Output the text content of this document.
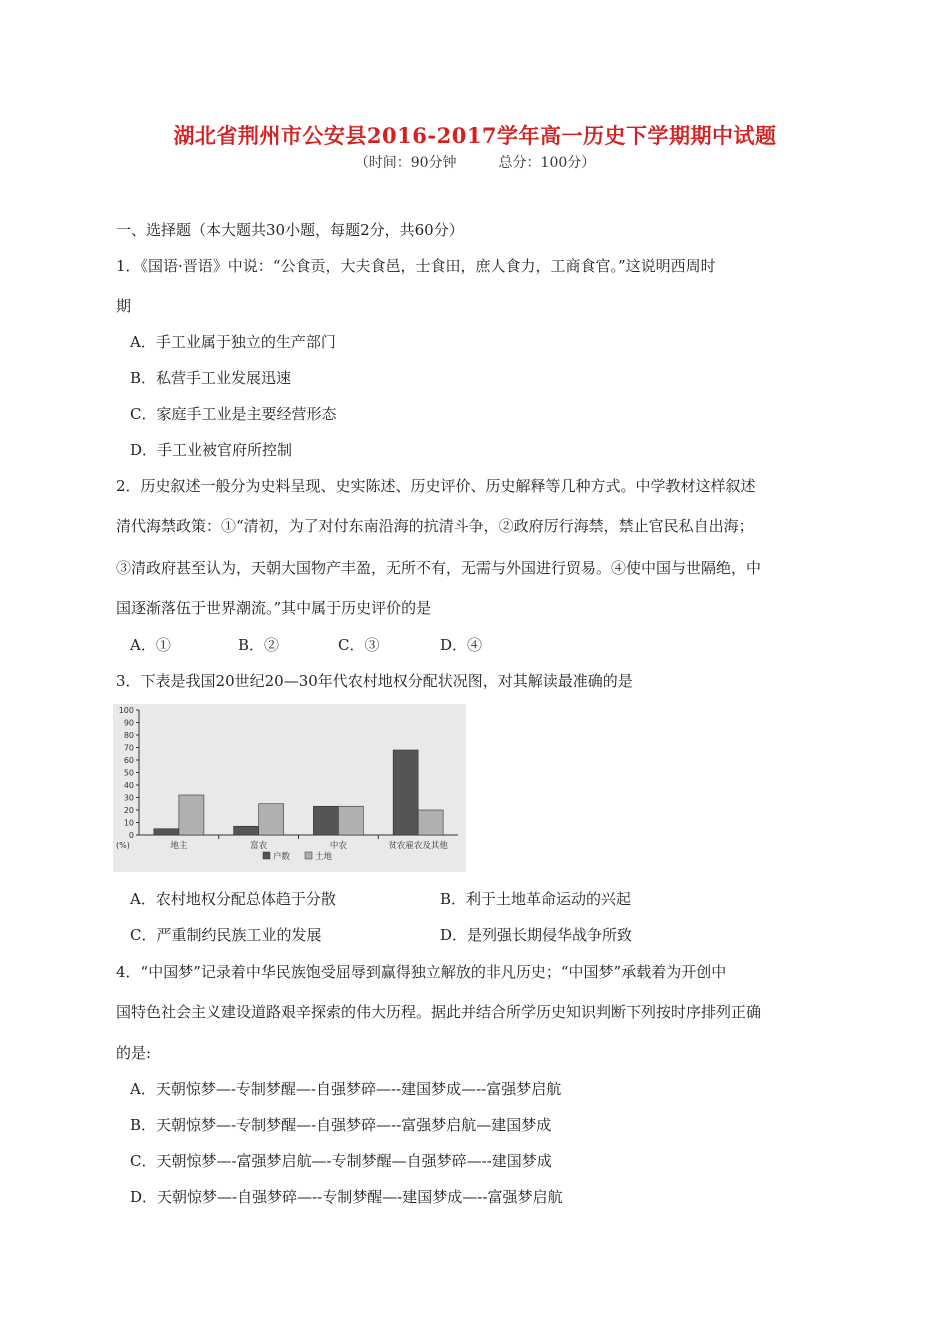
湖北省荆州市公安县2016-2017学年高一历史下学期期中试题
（时间：90分钟　　　总分：100分）
一、选择题（本大题共30小题，每题2分，共60分）
1．《国语·晋语》中说：“公食贡，大夫食邑，士食田，庶人食力，工商食官。”这说明西周时
期
A．手工业属于独立的生产部门
B．私营手工业发展迅速
C．家庭手工业是主要经营形态
D．手工业被官府所控制
2．历史叙述一般分为史料呈现、史实陈述、历史评价、历史解释等几种方式。中学教材这样叙述
清代海禁政策：①“清初，为了对付东南沿海的抗清斗争，②政府厉行海禁，禁止官民私自出海；
③清政府甚至认为，天朝大国物产丰盈，无所不有，无需与外国进行贸易。④使中国与世隔绝，中
国逐渐落伍于世界潮流。”其中属于历史评价的是
A．①	B．②	C．③	D．④
3．下表是我国20世纪20—30年代农村地权分配状况图，对其解读最准确的是
0
10
20
30
40
50
60
70
80
90
100
(%)	地主	富农	中农	贫农雇农及其他
户数	土地
A．农村地权分配总体趋于分散	B．利于土地革命运动的兴起
C．严重制约民族工业的发展	D．是列强长期侵华战争所致
4．“中国梦”记录着中华民族饱受屈辱到赢得独立解放的非凡历史；“中国梦”承载着为开创中
国特色社会主义建设道路艰辛探索的伟大历程。据此并结合所学历史知识判断下列按时序排列正确
的是:
A．天朝惊梦—-专制梦醒—-自强梦碎—--建国梦成—--富强梦启航
B．天朝惊梦—-专制梦醒—-自强梦碎—--富强梦启航—建国梦成
C．天朝惊梦—-富强梦启航—-专制梦醒—自强梦碎—--建国梦成
D．天朝惊梦—-自强梦碎—--专制梦醒—-建国梦成—--富强梦启航
